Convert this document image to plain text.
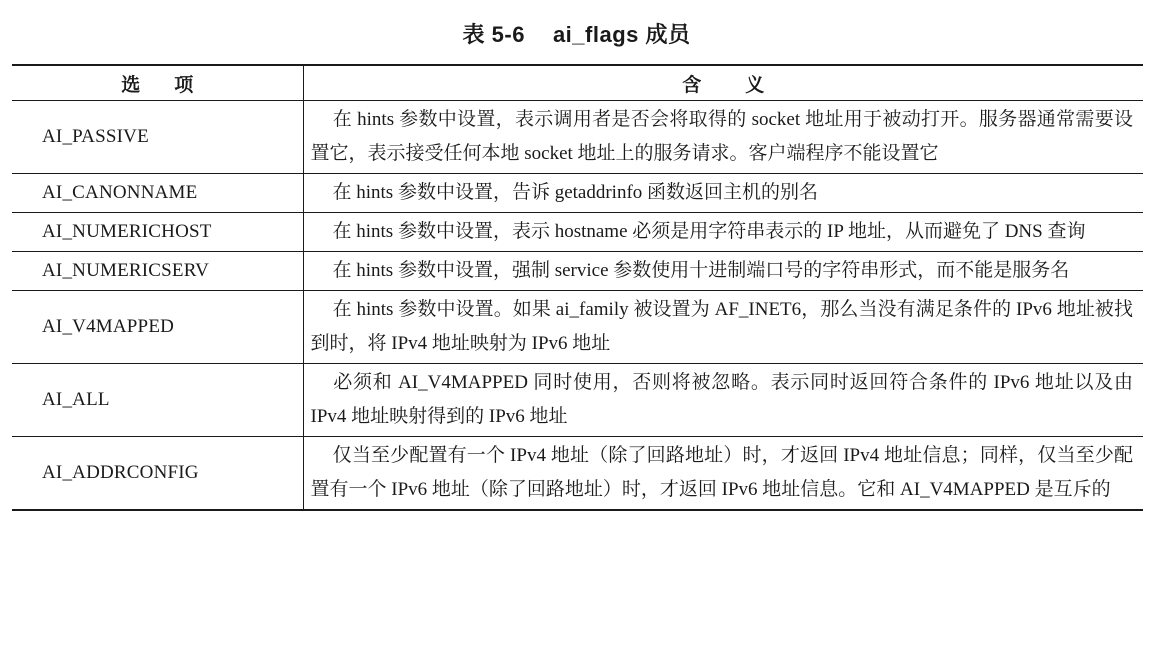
表 5-6 ai_flags 成员
选项	含义
AI_PASSIVE	在 hints 参数中设置，表示调用者是否会将取得的 socket 地址用于被动打开。服务器通常需要设置它，表示接受任何本地 socket 地址上的服务请求。客户端程序不能设置它
AI_CANONNAME	在 hints 参数中设置，告诉 getaddrinfo 函数返回主机的别名
AI_NUMERICHOST	在 hints 参数中设置，表示 hostname 必须是用字符串表示的 IP 地址，从而避免了 DNS 查询
AI_NUMERICSERV	在 hints 参数中设置，强制 service 参数使用十进制端口号的字符串形式，而不能是服务名
AI_V4MAPPED	在 hints 参数中设置。如果 ai_family 被设置为 AF_INET6，那么当没有满足条件的 IPv6 地址被找到时，将 IPv4 地址映射为 IPv6 地址
AI_ALL	必须和 AI_V4MAPPED 同时使用，否则将被忽略。表示同时返回符合条件的 IPv6 地址以及由 IPv4 地址映射得到的 IPv6 地址
AI_ADDRCONFIG	仅当至少配置有一个 IPv4 地址（除了回路地址）时，才返回 IPv4 地址信息；同样，仅当至少配置有一个 IPv6 地址（除了回路地址）时，才返回 IPv6 地址信息。它和 AI_V4MAPPED 是互斥的
